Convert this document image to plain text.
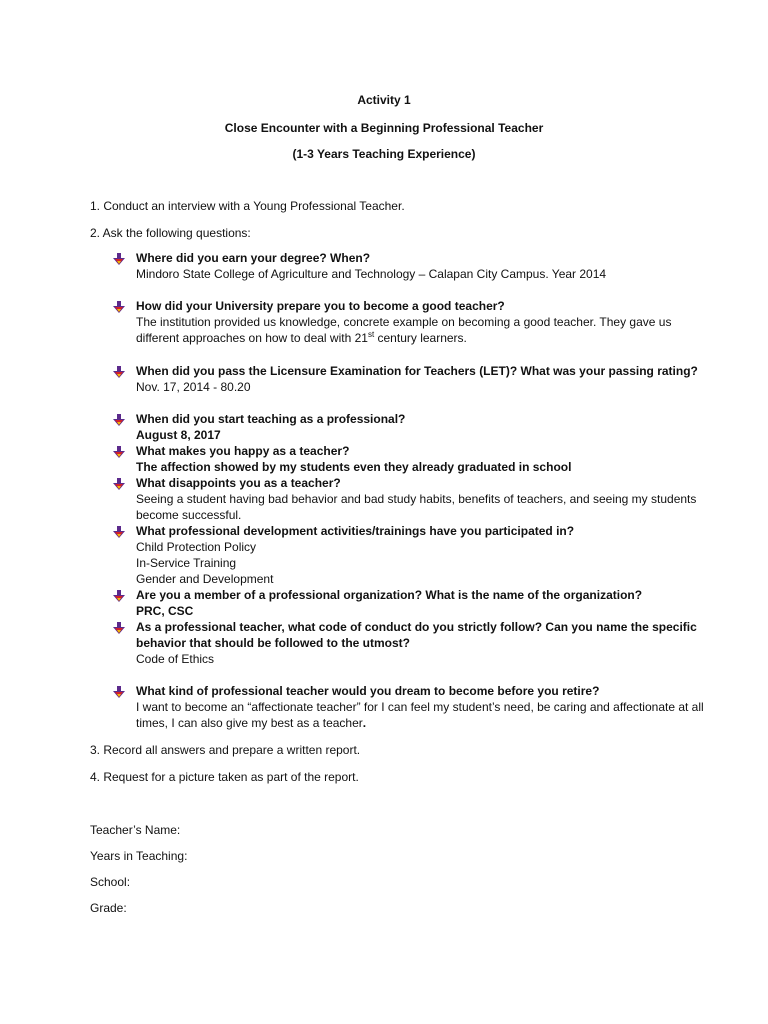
Activity 1
Close Encounter with a Beginning Professional Teacher
(1-3 Years Teaching Experience)
1. Conduct an interview with a Young Professional Teacher.
2. Ask the following questions:
Where did you earn your degree? When?
Mindoro State College of Agriculture and Technology – Calapan City Campus. Year 2014
How did your University prepare you to become a good teacher?
The institution provided us knowledge, concrete example on becoming a good teacher. They gave us different approaches on how to deal with 21st century learners.
When did you pass the Licensure Examination for Teachers (LET)? What was your passing rating?
Nov. 17, 2014 - 80.20
When did you start teaching as a professional?
August 8, 2017
What makes you happy as a teacher?
The affection showed by my students even they already graduated in school
What disappoints you as a teacher?
Seeing a student having bad behavior and bad study habits, benefits of teachers, and seeing my students become successful.
What professional development activities/trainings have you participated in?
Child Protection Policy
In-Service Training
Gender and Development
Are you a member of a professional organization? What is the name of the organization?
PRC, CSC
As a professional teacher, what code of conduct do you strictly follow? Can you name the specific behavior that should be followed to the utmost?
Code of Ethics
What kind of professional teacher would you dream to become before you retire?
I want to become an “affectionate teacher” for I can feel my student’s need, be caring and affectionate at all times, I can also give my best as a teacher.
3. Record all answers and prepare a written report.
4. Request for a picture taken as part of the report.
Teacher’s Name:
Years in Teaching:
School:
Grade:
